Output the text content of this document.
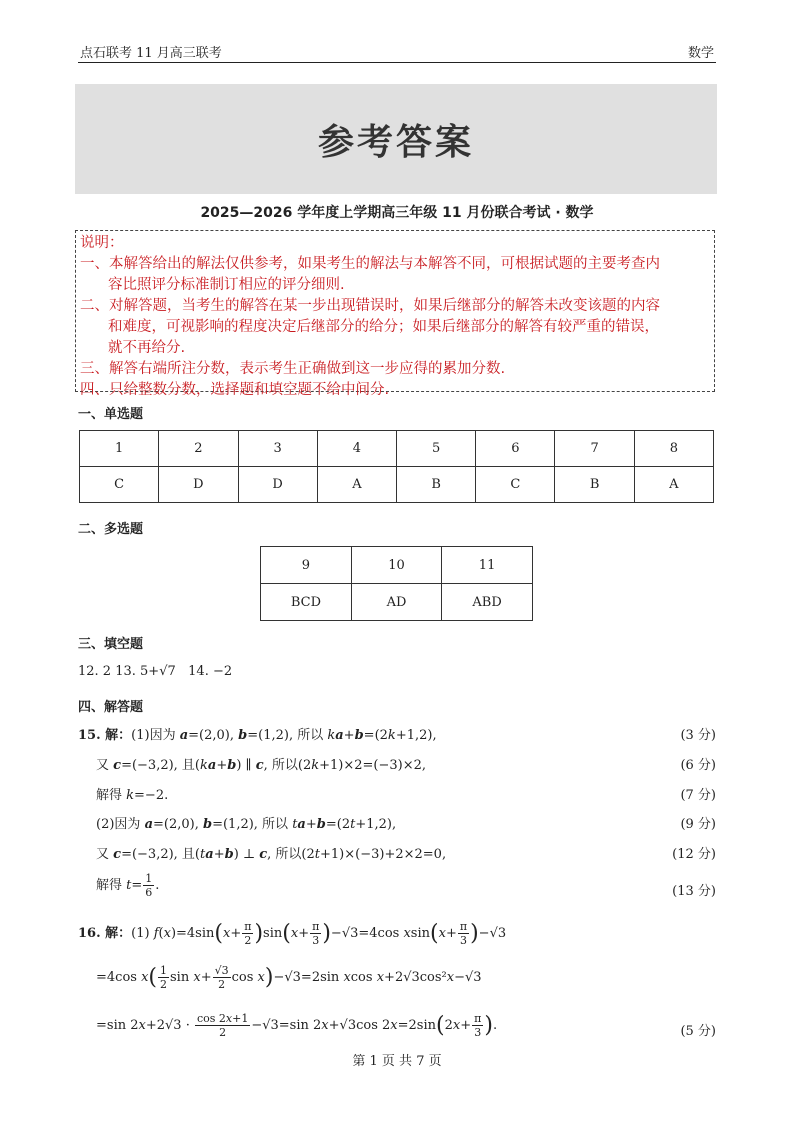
点石联考 11 月高三联考	数学
参考答案
2025—2026 学年度上学期高三年级 11 月份联合考试 · 数学

说明：

一、本解答给出的解法仅供参考，如果考生的解法与本解答不同，可根据试题的主要考查内

容比照评分标准制订相应的评分细则.

二、对解答题，当考生的解答在某一步出现错误时，如果后继部分的解答未改变该题的内容

和难度，可视影响的程度决定后继部分的给分；如果后继部分的解答有较严重的错误，

就不再给分.

三、解答右端所注分数，表示考生正确做到这一步应得的累加分数.

四、只给整数分数，选择题和填空题不给中间分.

一、单选题
1	2	3	4	5	6	7	8
C	D	D	A	B	C	B	A
二、多选题
9	10	11
BCD	AD	ABD
三、填空题
12. 2 13. 5+√7   14. −2
四、解答题
15. 解：(1)因为 a=(2,0), b=(1,2), 所以 ka+b=(2k+1,2),	(3 分)
又 c=(−3,2), 且(ka+b) ∥ c, 所以(2k+1)×2=(−3)×2,	(6 分)
解得 k=−2.	(7 分)
(2)因为 a=(2,0), b=(1,2), 所以 ta+b=(2t+1,2),	(9 分)
又 c=(−3,2), 且(ta+b) ⊥ c, 所以(2t+1)×(−3)+2×2=0,	(12 分)
解得 $t= \frac{1}{6}$ .	(13 分)
16. 解：(1) $f(x)=4\sin(x+ \frac{\pi}{2} )\sin(x+ \frac{\pi}{3} )-√3=4\cos$ $xsin(x+ \frac{\pi}{3} )-√3$
=4cos $x( \frac{1}{2}$ $\sin x+ \frac{√3}{2}$ cos x)−√3=2sin xcos x+2√3cos²x−√3
=sin $2x+2√3 \cdot \frac{\cos 2x+1}{2} -√3=\sin$ 2x+√3cos $2x=2\sin(2x+ \frac{\pi}{3}$ ).	(5 分)
第 1 页 共 7 页
